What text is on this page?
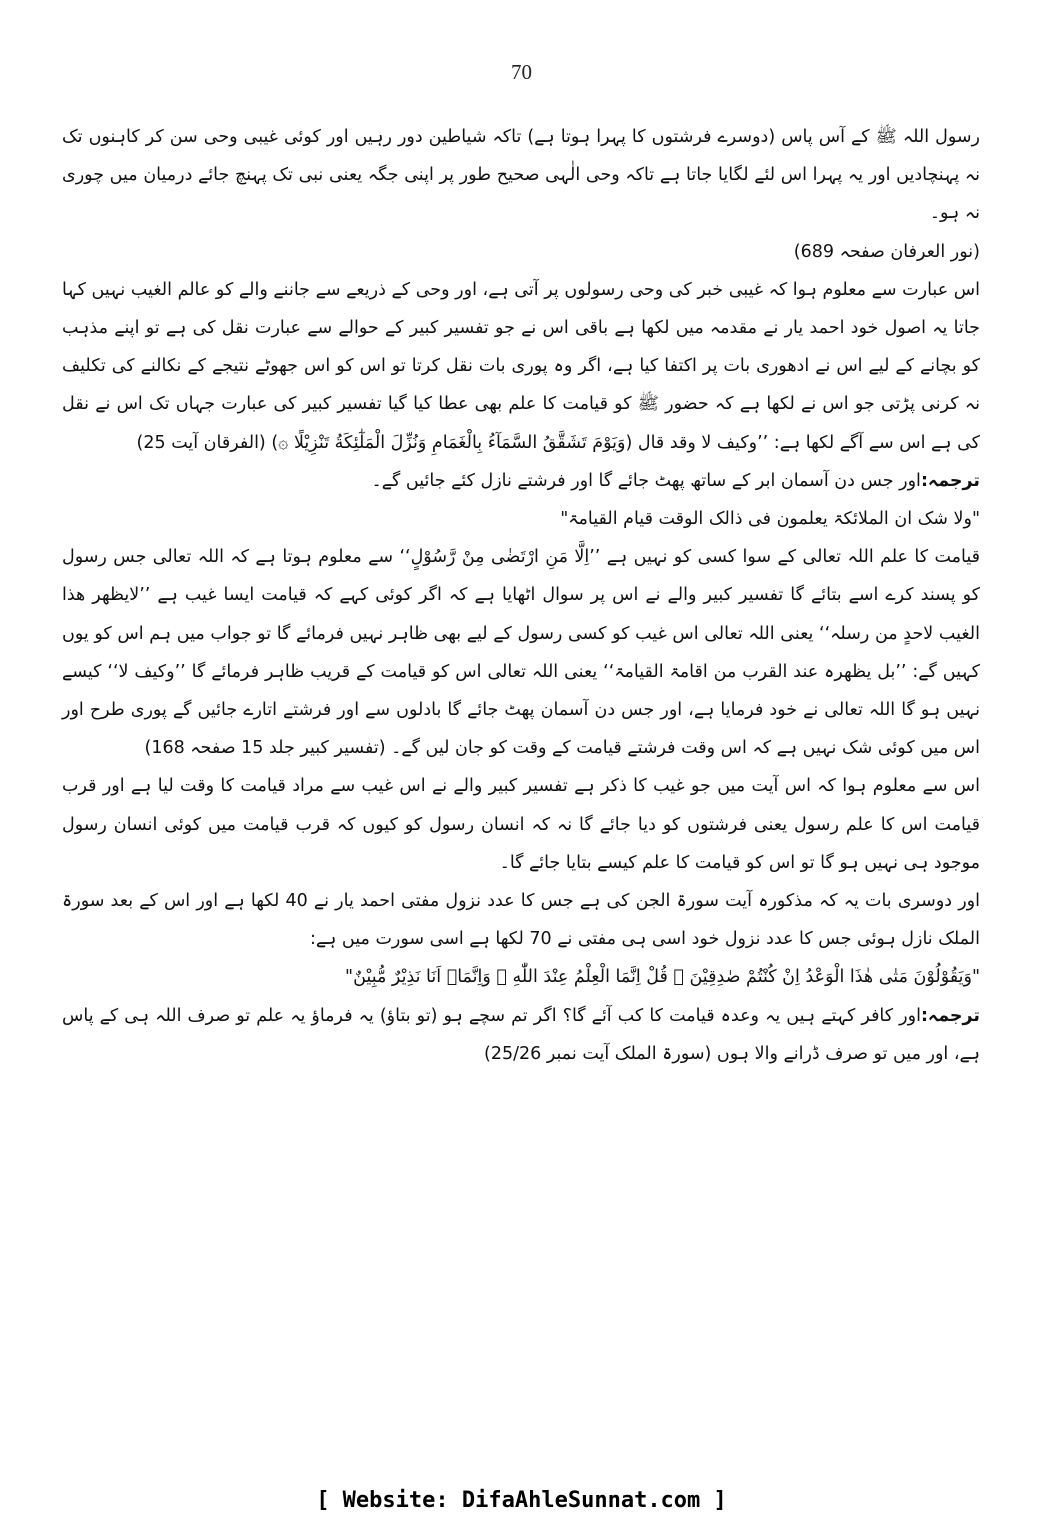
70

رسول اللہ ﷺ کے آس پاس (دوسرے فرشتوں کا پہرا ہوتا ہے) تاکہ شیاطین دور رہیں اور کوئی غیبی وحی سن کر کاہنوں تک نہ پہنچادیں اور یہ پہرا اس لئے لگایا جاتا ہے تاکہ وحی الٰہی صحیح طور پر اپنی جگہ یعنی نبی تک پہنچ جائے درمیان میں چوری نہ ہو۔

(نور العرفان صفحہ 689)

اس عبارت سے معلوم ہوا کہ غیبی خبر کی وحی رسولوں پر آتی ہے، اور وحی کے ذریعے سے جاننے والے کو عالم الغیب نہیں کہا جاتا یہ اصول خود احمد یار نے مقدمہ میں لکھا ہے باقی اس نے جو تفسیر کبیر کے حوالے سے عبارت نقل کی ہے تو اپنے مذہب کو بچانے کے لیے اس نے ادھوری بات پر اکتفا کیا ہے، اگر وہ پوری بات نقل کرتا تو اس کو اس جھوٹے نتیجے کے نکالنے کی تکلیف نہ کرنی پڑتی جو اس نے لکھا ہے کہ حضور ﷺ کو قیامت کا علم بھی عطا کیا گیا تفسیر کبیر کی عبارت جہاں تک اس نے نقل کی ہے اس سے آگے لکھا ہے: ’’وکیف لا وقد قال (وَيَوْمَ تَشَقَّقُ السَّمَآءُ بِالْغَمَامِ وَنُزِّلَ الْمَلٰٓئِكَةُ تَنْزِيْلًا ۞) (الفرقان آیت 25)

ترجمہ:اور جس دن آسمان ابر کے ساتھ پھٹ جائے گا اور فرشتے نازل کئے جائیں گے۔

"ولا شک ان الملائکۃ یعلمون فی ذالک الوقت قیام القیامۃ"

قیامت کا علم اللہ تعالی کے سوا کسی کو نہیں ہے ’’اِلَّا مَنِ ارْتَضٰى مِنْ رَّسُوْلٍ‘‘ سے معلوم ہوتا ہے کہ اللہ تعالی جس رسول کو پسند کرے اسے بتائے گا تفسیر کبیر والے نے اس پر سوال اٹھایا ہے کہ اگر کوئی کہے کہ قیامت ایسا غیب ہے ’’لایظھر ھذا الغیب لاحدٍ من رسلہ‘‘ یعنی اللہ تعالی اس غیب کو کسی رسول کے لیے بھی ظاہر نہیں فرمائے گا تو جواب میں ہم اس کو یوں کہیں گے: ’’بل یظھرہ عند القرب من اقامۃ القیامۃ‘‘ یعنی اللہ تعالی اس کو قیامت کے قریب ظاہر فرمائے گا ’’وکیف لا‘‘ کیسے نہیں ہو گا اللہ تعالی نے خود فرمایا ہے، اور جس دن آسمان پھٹ جائے گا بادلوں سے اور فرشتے اتارے جائیں گے پوری طرح اور اس میں کوئی شک نہیں ہے کہ اس وقت فرشتے قیامت کے وقت کو جان لیں گے۔ (تفسیر کبیر جلد 15 صفحہ 168)

اس سے معلوم ہوا کہ اس آیت میں جو غیب کا ذکر ہے تفسیر کبیر والے نے اس غیب سے مراد قیامت کا وقت لیا ہے اور قرب قیامت اس کا علم رسول یعنی فرشتوں کو دیا جائے گا نہ کہ انسان رسول کو کیوں کہ قرب قیامت میں کوئی انسان رسول موجود ہی نہیں ہو گا تو اس کو قیامت کا علم کیسے بتایا جائے گا۔

اور دوسری بات یہ کہ مذکورہ آیت سورۃ الجن کی ہے جس کا عدد نزول مفتی احمد یار نے 40 لکھا ہے اور اس کے بعد سورۃ الملک نازل ہوئی جس کا عدد نزول خود اسی ہی مفتی نے 70 لکھا ہے اسی سورت میں ہے:

"وَيَقُوْلُوْنَ مَتٰى هٰذَا الْوَعْدُ اِنْ كُنْتُمْ صٰدِقِيْنَ ۞ قُلْ اِنَّمَا الْعِلْمُ عِنْدَ اللّٰهِ ۪ وَاِنَّمَاۤ اَنَا نَذِيْرٌ مُّبِيْنٌ"

ترجمہ:اور کافر کہتے ہیں یہ وعدہ قیامت کا کب آئے گا؟ اگر تم سچے ہو (تو بتاؤ) یہ فرماؤ یہ علم تو صرف اللہ ہی کے پاس ہے، اور میں تو صرف ڈرانے والا ہوں (سورۃ الملک آیت نمبر 25/26)

[ Website: DifaAhleSunnat.com ]
